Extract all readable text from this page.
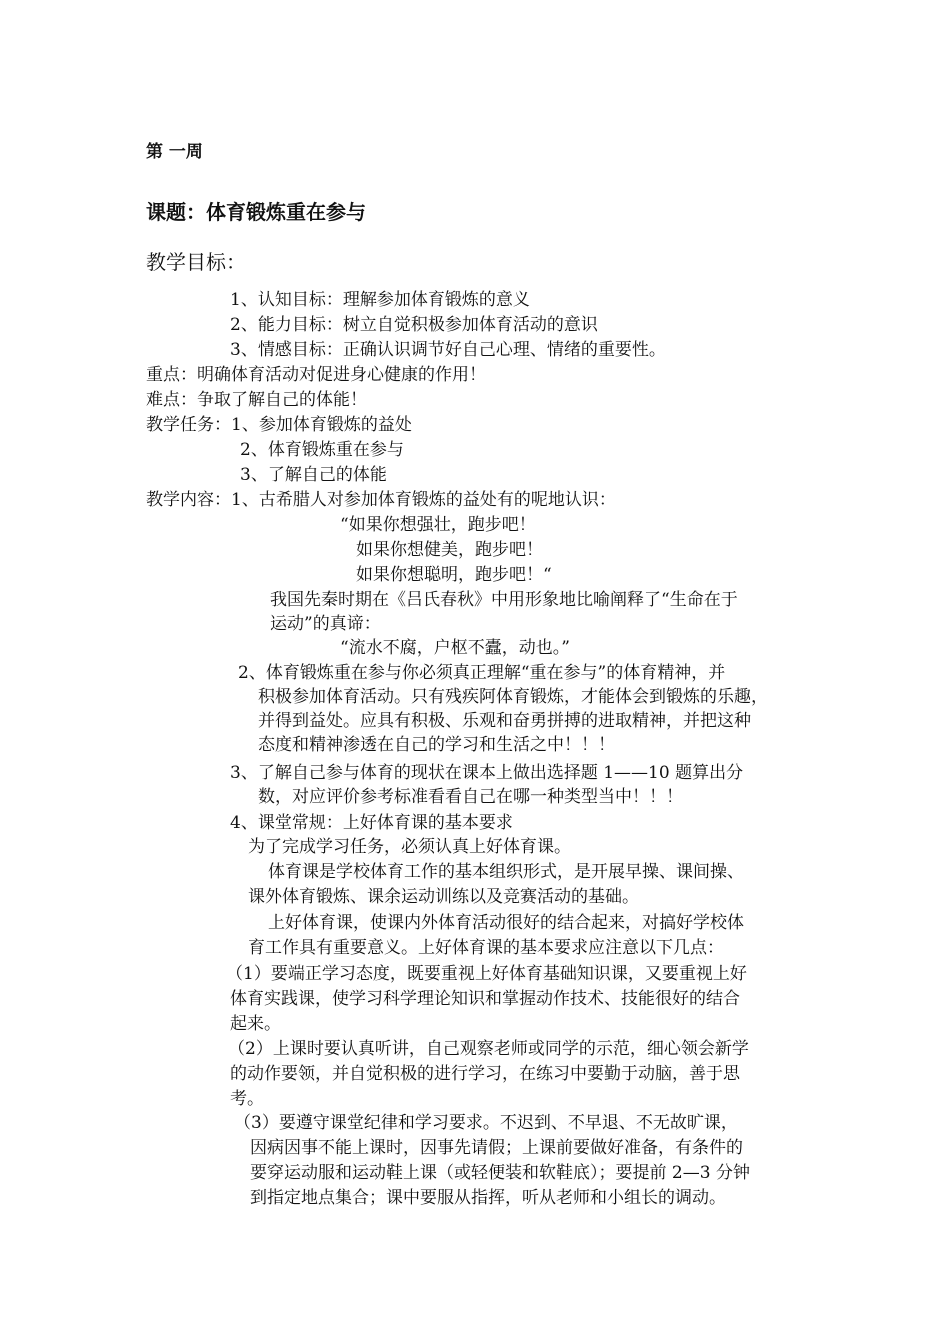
第 一周
课题：体育锻炼重在参与
教学目标：
1、认知目标：理解参加体育锻炼的意义
2、能力目标：树立自觉积极参加体育活动的意识
3、情感目标：正确认识调节好自己心理、情绪的重要性。
重点：明确体育活动对促进身心健康的作用！
难点：争取了解自己的体能！
教学任务：1、参加体育锻炼的益处
2、体育锻炼重在参与
3、了解自己的体能
教学内容：1、古希腊人对参加体育锻炼的益处有的呢地认识：
“如果你想强壮，跑步吧！
如果你想健美，跑步吧！
如果你想聪明，跑步吧！“
我国先秦时期在《吕氏春秋》中用形象地比喻阐释了“生命在于
运动”的真谛：
“流水不腐，户枢不蠹，动也。”
2、体育锻炼重在参与你必须真正理解“重在参与”的体育精神，并
积极参加体育活动。只有残疾阿体育锻炼，才能体会到锻炼的乐趣，
并得到益处。应具有积极、乐观和奋勇拼搏的进取精神，并把这种
态度和精神渗透在自己的学习和生活之中！！！
3、了解自己参与体育的现状在课本上做出选择题 1——10 题算出分
数，对应评价参考标准看看自己在哪一种类型当中！！！
4、课堂常规：上好体育课的基本要求
为了完成学习任务，必须认真上好体育课。
体育课是学校体育工作的基本组织形式，是开展早操、课间操、
课外体育锻炼、课余运动训练以及竞赛活动的基础。
上好体育课，使课内外体育活动很好的结合起来，对搞好学校体
育工作具有重要意义。上好体育课的基本要求应注意以下几点：
（1）要端正学习态度，既要重视上好体育基础知识课，又要重视上好
体育实践课，使学习科学理论知识和掌握动作技术、技能很好的结合
起来。
（2）上课时要认真听讲，自己观察老师或同学的示范，细心领会新学
的动作要领，并自觉积极的进行学习，在练习中要勤于动脑，善于思
考。
（3）要遵守课堂纪律和学习要求。不迟到、不早退、不无故旷课，
因病因事不能上课时，因事先请假；上课前要做好准备，有条件的
要穿运动服和运动鞋上课（或轻便装和软鞋底）；要提前 2—3 分钟
到指定地点集合；课中要服从指挥，听从老师和小组长的调动。
